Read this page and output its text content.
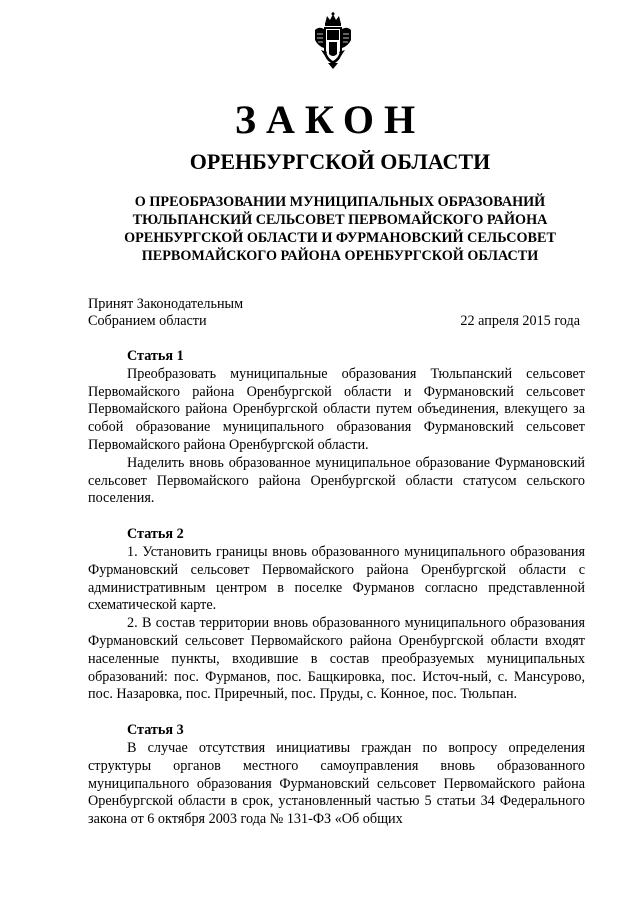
ЗАКОН
ОРЕНБУРГСКОЙ ОБЛАСТИ
О ПРЕОБРАЗОВАНИИ МУНИЦИПАЛЬНЫХ ОБРАЗОВАНИЙ
ТЮЛЬПАНСКИЙ СЕЛЬСОВЕТ ПЕРВОМАЙСКОГО РАЙОНА
ОРЕНБУРГСКОЙ ОБЛАСТИ И ФУРМАНОВСКИЙ СЕЛЬСОВЕТ
ПЕРВОМАЙСКОГО РАЙОНА ОРЕНБУРГСКОЙ ОБЛАСТИ
Принят Законодательным
Собранием области	22 апреля 2015 года

Статья 1

Преобразовать муниципальные образования Тюльпанский сельсовет Первомайского района Оренбургской области и Фурмановский сельсовет Первомайского района Оренбургской области путем объединения, влекущего за собой образование муниципального образования Фурмановский сельсовет Первомайского района Оренбургской области.

Наделить вновь образованное муниципальное образование Фурмановский сельсовет Первомайского района Оренбургской области статусом сельского поселения.

Статья 2

1. Установить границы вновь образованного муниципального образования Фурмановский сельсовет Первомайского района Оренбургской области с административным центром в поселке Фурманов согласно представленной схематической карте.

2. В состав территории вновь образованного муниципального образования Фурмановский сельсовет Первомайского района Оренбургской области входят населенные пункты, входившие в состав преобразуемых муниципальных образований: пос. Фурманов, пос. Бащкировка, пос. Источ-ный, с. Мансурово, пос. Назаровка, пос. Приречный, пос. Пруды, с. Конное, пос. Тюльпан.

Статья 3

В случае отсутствия инициативы граждан по вопросу определения структуры органов местного самоуправления вновь образованного муниципального образования Фурмановский сельсовет Первомайского района Оренбургской области в срок, установленный частью 5 статьи 34 Федерального закона от 6 октября 2003 года № 131-ФЗ «Об общих
